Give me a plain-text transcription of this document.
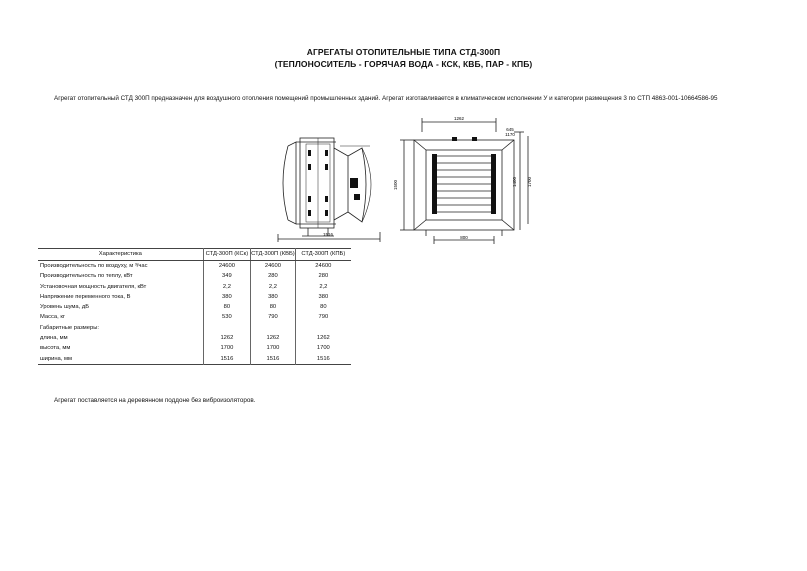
АГРЕГАТЫ ОТОПИТЕЛЬНЫЕ ТИПА СТД-300П
(ТЕПЛОНОСИТЕЛЬ - ГОРЯЧАЯ ВОДА - КСК, КВБ, ПАР - КПБ)

Агрегат отопительный СТД 300П предназначен для воздушного отопления помещений промышленных зданий. Агрегат изготавливается в климатическом исполнении У и категории размещения 3 по СТП 4863-001-10664586-95

1516
1262
645
1170
1500	1400 1700
800
Характеристика	СТД-300П (КСк)	СТД-300П (КВБ)	СТД-300П (КПБ)
Производительность по воздуху, м ³/час	24600	24600	24600
Производительность по теплу, кВт	349	280	280
Установочная мощность двигателя, кВт	2,2	2,2	2,2
Напряжение переменного тока, В	380	380	380
Уровень шума, дБ	80	80	80
Масса, кг	530	790	790
Габаритные размеры:			
длина, мм	1262	1262	1262
высота, мм	1700	1700	1700
ширина, мм	1516	1516	1516

Агрегат поставляется на деревянном поддоне без виброизоляторов.
